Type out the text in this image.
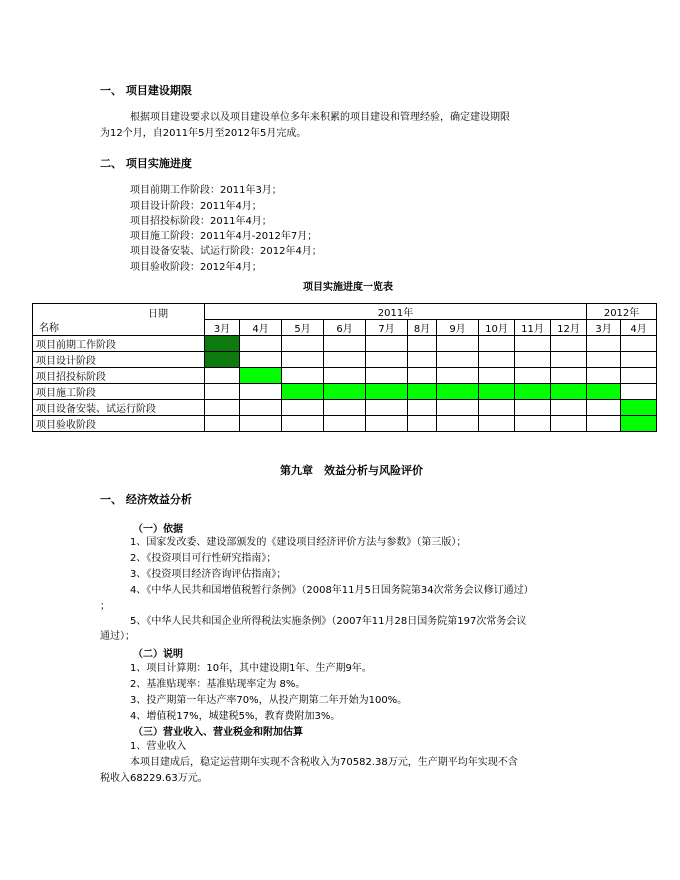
一、 项目建设期限
根据项目建设要求以及项目建设单位多年来积累的项目建设和管理经验，确定建设期限
为12个月，自2011年5月至2012年5月完成。
二、 项目实施进度
项目前期工作阶段：2011年3月；
项目设计阶段：2011年4月；
项目招投标阶段：2011年4月；
项目施工阶段：2011年4月-2012年7月；
项目设备安装、试运行阶段：2012年4月；
项目验收阶段：2012年4月；
项目实施进度一览表
日期
名称	2011年										2012年	
	3月	4月	5月	6月	7月	8月	9月	10月	11月	12月	3月	4月
项目前期工作阶段												
项目设计阶段												
项目招投标阶段												
项目施工阶段												
项目设备安装、试运行阶段												
项目验收阶段												
第九章　效益分析与风险评价
一、 经济效益分析
（一）依据
1、国家发改委、建设部颁发的《建设项目经济评价方法与参数》（第三版）；
2、《投资项目可行性研究指南》；
3、《投资项目经济咨询评估指南》；
4、《中华人民共和国增值税暂行条例》（2008年11月5日国务院第34次常务会议修订通过）
；
5、《中华人民共和国企业所得税法实施条例》（2007年11月28日国务院第197次常务会议
通过）；
（二）说明
1、项目计算期：10年，其中建设期1年、生产期9年。
2、基准贴现率：基准贴现率定为 8%。
3、投产期第一年达产率70%，从投产期第二年开始为100%。
4、增值税17%，城建税5%，教育费附加3%。
（三）营业收入、营业税金和附加估算
1、营业收入
本项目建成后，稳定运营期年实现不含税收入为70582.38万元，生产期平均年实现不含
税收入68229.63万元。
